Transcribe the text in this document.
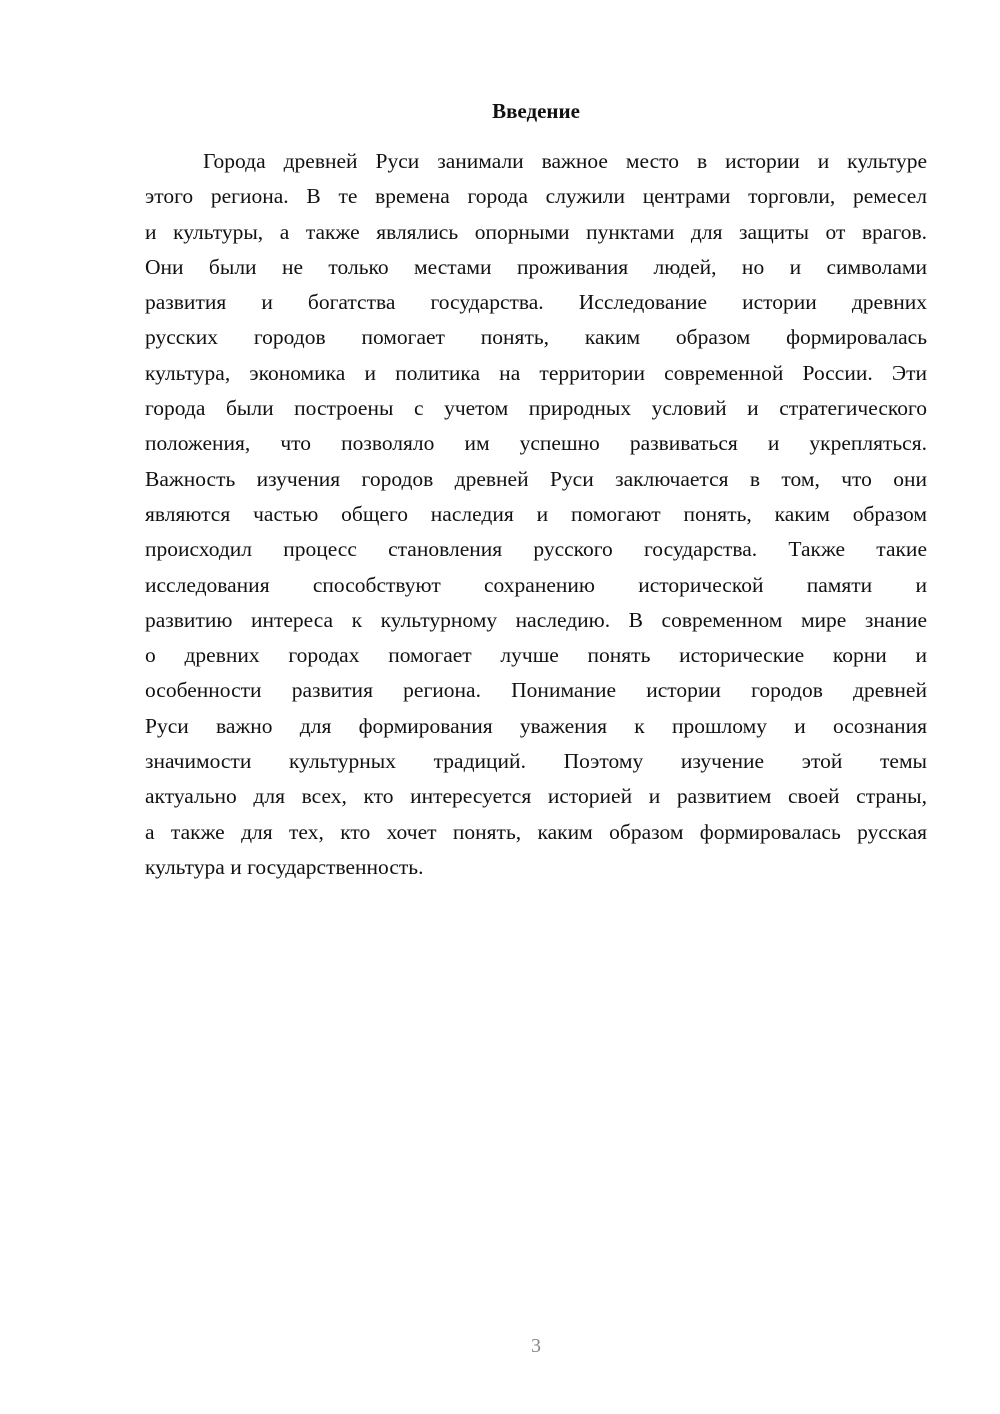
Введение
Города древней Руси занимали важное место в истории и культуре
этого региона. В те времена города служили центрами торговли, ремесел
и культуры, а также являлись опорными пунктами для защиты от врагов.
Они были не только местами проживания людей, но и символами
развития и богатства государства. Исследование истории древних
русских городов помогает понять, каким образом формировалась
культура, экономика и политика на территории современной России. Эти
города были построены с учетом природных условий и стратегического
положения, что позволяло им успешно развиваться и укрепляться.
Важность изучения городов древней Руси заключается в том, что они
являются частью общего наследия и помогают понять, каким образом
происходил процесс становления русского государства. Также такие
исследования способствуют сохранению исторической памяти и
развитию интереса к культурному наследию. В современном мире знание
о древних городах помогает лучше понять исторические корни и
особенности развития региона. Понимание истории городов древней
Руси важно для формирования уважения к прошлому и осознания
значимости культурных традиций. Поэтому изучение этой темы
актуально для всех, кто интересуется историей и развитием своей страны,
а также для тех, кто хочет понять, каким образом формировалась русская
культура и государственность.
3
